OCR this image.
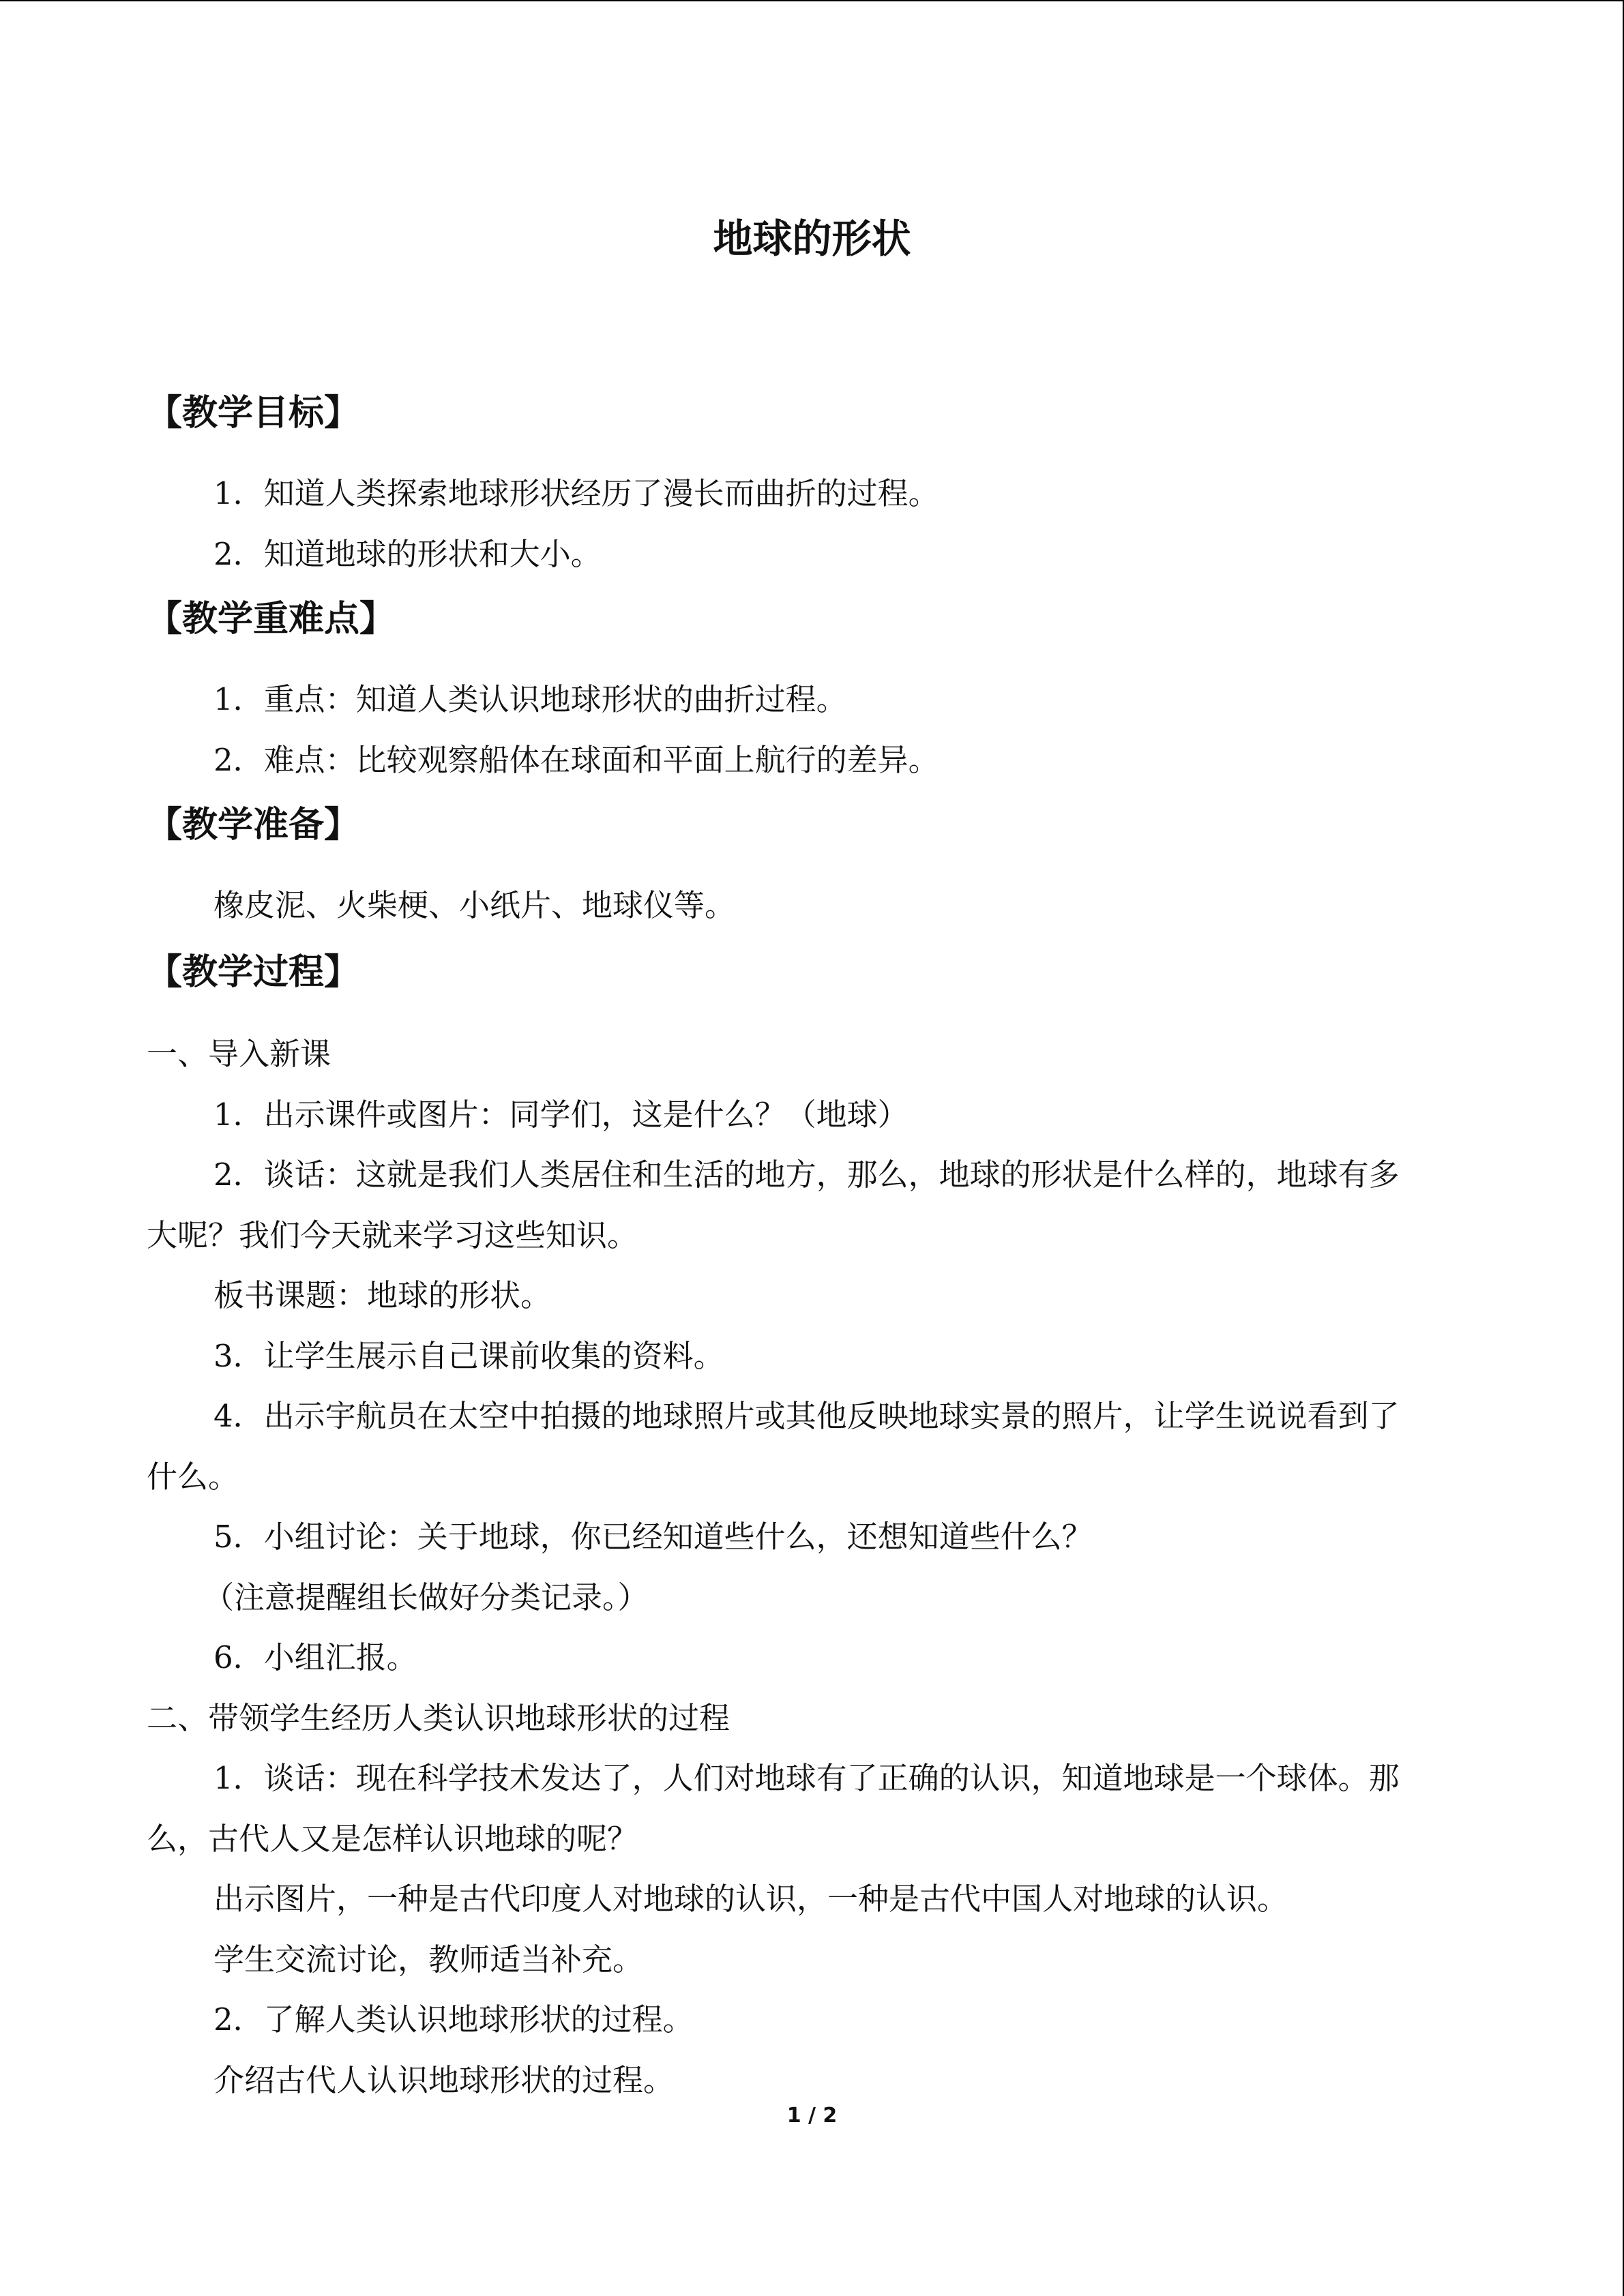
地球的形状
【教学目标】
1．知道人类探索地球形状经历了漫长而曲折的过程。
2．知道地球的形状和大小。
【教学重难点】
1．重点：知道人类认识地球形状的曲折过程。
2．难点：比较观察船体在球面和平面上航行的差异。
【教学准备】
橡皮泥、火柴梗、小纸片、地球仪等。
【教学过程】
一、导入新课
1．出示课件或图片：同学们，这是什么？（地球）
2．谈话：这就是我们人类居住和生活的地方，那么，地球的形状是什么样的，地球有多
大呢？我们今天就来学习这些知识。
板书课题：地球的形状。
3．让学生展示自己课前收集的资料。
4．出示宇航员在太空中拍摄的地球照片或其他反映地球实景的照片，让学生说说看到了
什么。
5．小组讨论：关于地球，你已经知道些什么，还想知道些什么？
（注意提醒组长做好分类记录。）
6．小组汇报。
二、带领学生经历人类认识地球形状的过程
1．谈话：现在科学技术发达了，人们对地球有了正确的认识，知道地球是一个球体。那
么，古代人又是怎样认识地球的呢？
出示图片，一种是古代印度人对地球的认识，一种是古代中国人对地球的认识。
学生交流讨论，教师适当补充。
2．了解人类认识地球形状的过程。
介绍古代人认识地球形状的过程。
1 / 2
